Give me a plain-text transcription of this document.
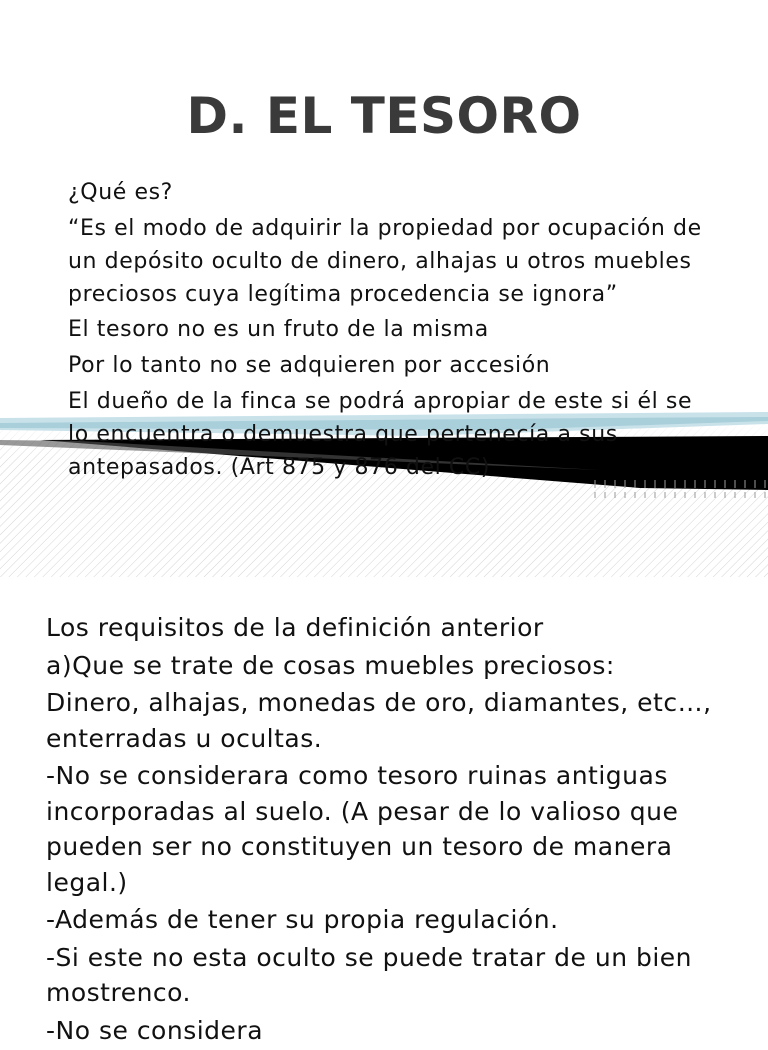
D. EL TESORO

¿Qué es?

“Es el modo de adquirir la propiedad por ocupación de un depósito oculto de dinero, alhajas u otros muebles preciosos cuya legítima procedencia se ignora”

El tesoro no es un fruto de la misma

Por lo tanto no se adquieren por accesión

El dueño de la finca se podrá apropiar de este si él se lo encuentra o demuestra que pertenecía a sus antepasados. (Art 875 y 876 del CC)

Los requisitos de la definición anterior

a)Que se trate de cosas muebles preciosos:

Dinero, alhajas, monedas de oro, diamantes, etc…, enterradas u ocultas.

-No se considerara como tesoro ruinas antiguas incorporadas al suelo. (A pesar de lo valioso que pueden ser no constituyen un tesoro de manera legal.)

-Además de tener su propia regulación.

-Si este no esta oculto se puede tratar de un bien mostrenco.

-No se considera
